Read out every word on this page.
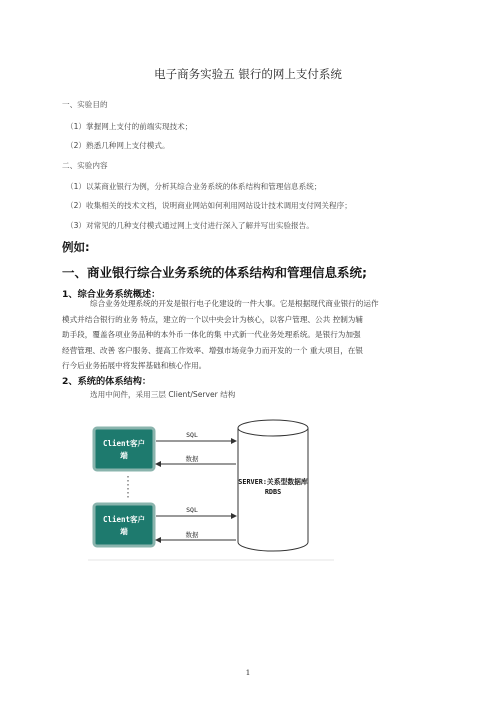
电子商务实验五 银行的网上支付系统
一、实验目的
（1）掌握网上支付的前端实现技术；
（2）熟悉几种网上支付模式。
二、实验内容
（1）以某商业银行为例，分析其综合业务系统的体系结构和管理信息系统；
（2）收集相关的技术文档，说明商业网站如何利用网站设计技术调用支付网关程序；
（3）对常见的几种支付模式通过网上支付进行深入了解并写出实验报告。
例如:
一、商业银行综合业务系统的体系结构和管理信息系统;
1、综合业务系统概述：

综合业务处理系统的开发是银行电子化建设的一件大事。它是根据现代商业银行的运作

模式并结合银行的业务 特点，建立的一个以中央会计为核心，以客户管理、公共 控制为辅

助手段，覆盖各项业务品种的本外币一体化的集 中式新一代业务处理系统。是银行为加强

经营管理、改善 客户服务、提高工作效率、增强市场竞争力而开发的一个 重大项目，在银

行今后业务拓展中将发挥基础和核心作用。

2、系统的体系结构：
选用中间件，采用三层 Client/Server 结构
Client客户
端
Client客户
端
SERVER:关系型数据库
RDBS
SQL
数据
SQL
数据
1
